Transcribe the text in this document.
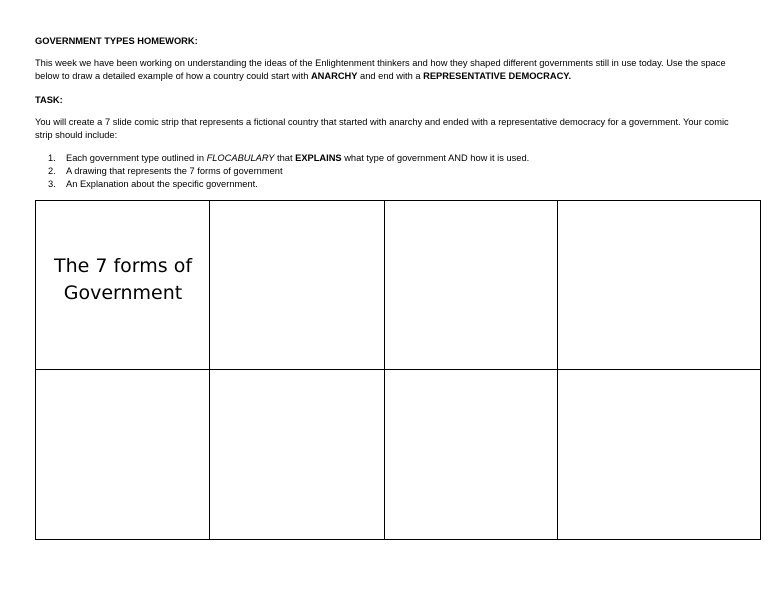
GOVERNMENT TYPES HOMEWORK:
This week we have been working on understanding the ideas of the Enlightenment thinkers and how they shaped different governments still in use today. Use the space below to draw a detailed example of how a country could start with ANARCHY and end with a REPRESENTATIVE DEMOCRACY.
TASK:
You will create a 7 slide comic strip that represents a fictional country that started with anarchy and ended with a representative democracy for a government. Your comic strip should include:
1. Each government type outlined in FLOCABULARY that EXPLAINS what type of government AND how it is used.
2. A drawing that represents the 7 forms of government
3. An Explanation about the specific government.
The 7 forms of
Government
